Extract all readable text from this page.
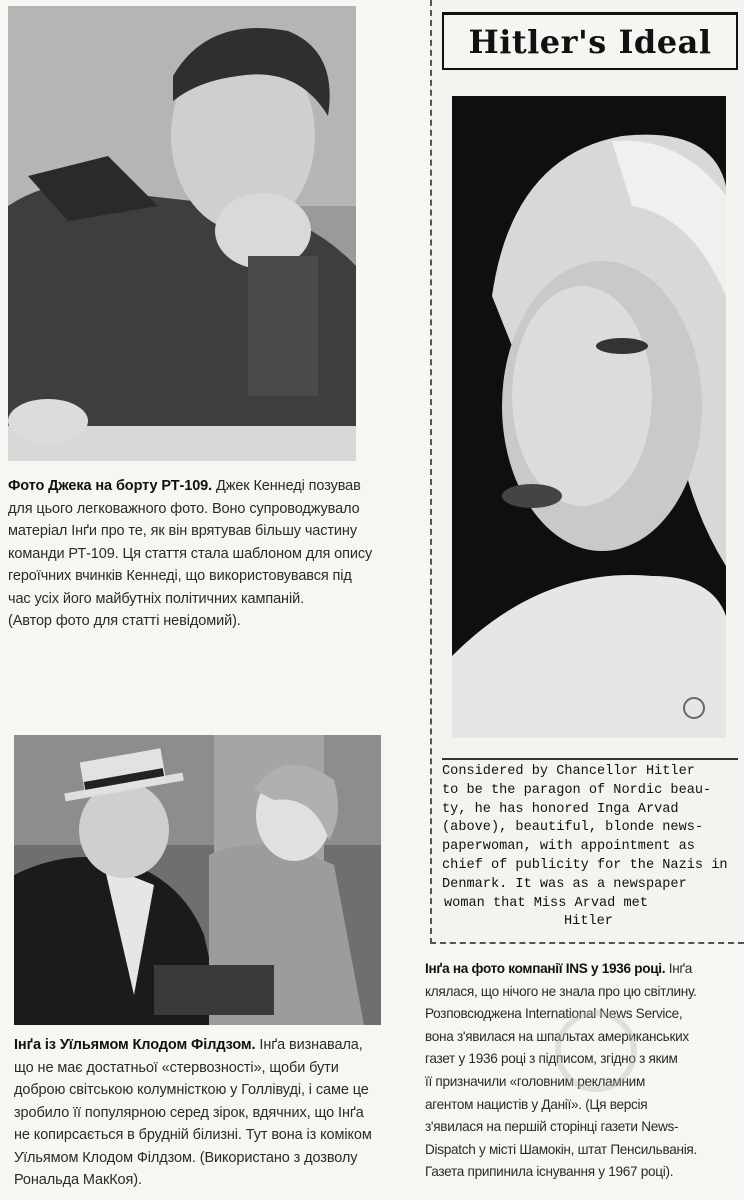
Фото Джека на борту РТ-109. Джек Кеннеді позував
для цього легковажного фото. Воно супроводжувало
матеріал Інґи про те, як він врятував більшу частину
команди РТ-109. Ця стаття стала шаблоном для опису
героїчних вчинків Кеннеді, що використовувався під
час усіх його майбутніх політичних кампаній.
(Автор фото для статті невідомий).
Інґа із Уїльямом Клодом Філдзом. Інґа визнавала,
що не має достатньої «стервозності», щоби бути
доброю світською колумністкою у Голлівуді, і саме це
зробило її популярною серед зірок, вдячних, що Інґа
не копирсається в брудній білизні. Тут вона із коміком
Уїльямом Клодом Філдзом. (Використано з дозволу
Рональда МакКоя).
Hitler's Ideal
Considered by Chancellor Hitler
to be the paragon of Nordic beau-
ty, he has honored Inga Arvad
(above), beautiful, blonde news-
paperwoman, with appointment as
chief of publicity for the Nazis in
Denmark. It was as a newspaper
woman that Miss Arvad met
Hitler
Інґа на фото компанії INS у 1936 році. Інґа
клялася, що нічого не знала про цю світлину.
Розповсюджена International News Service,
вона з'явилася на шпальтах американських
газет у 1936 році з підписом, згідно з яким
її призначили «головним рекламним
агентом нацистів у Данії». (Ця версія
з'явилася на першій сторінці газети News-
Dispatch у місті Шамокін, штат Пенсильванія.
Газета припинила існування у 1967 році).
